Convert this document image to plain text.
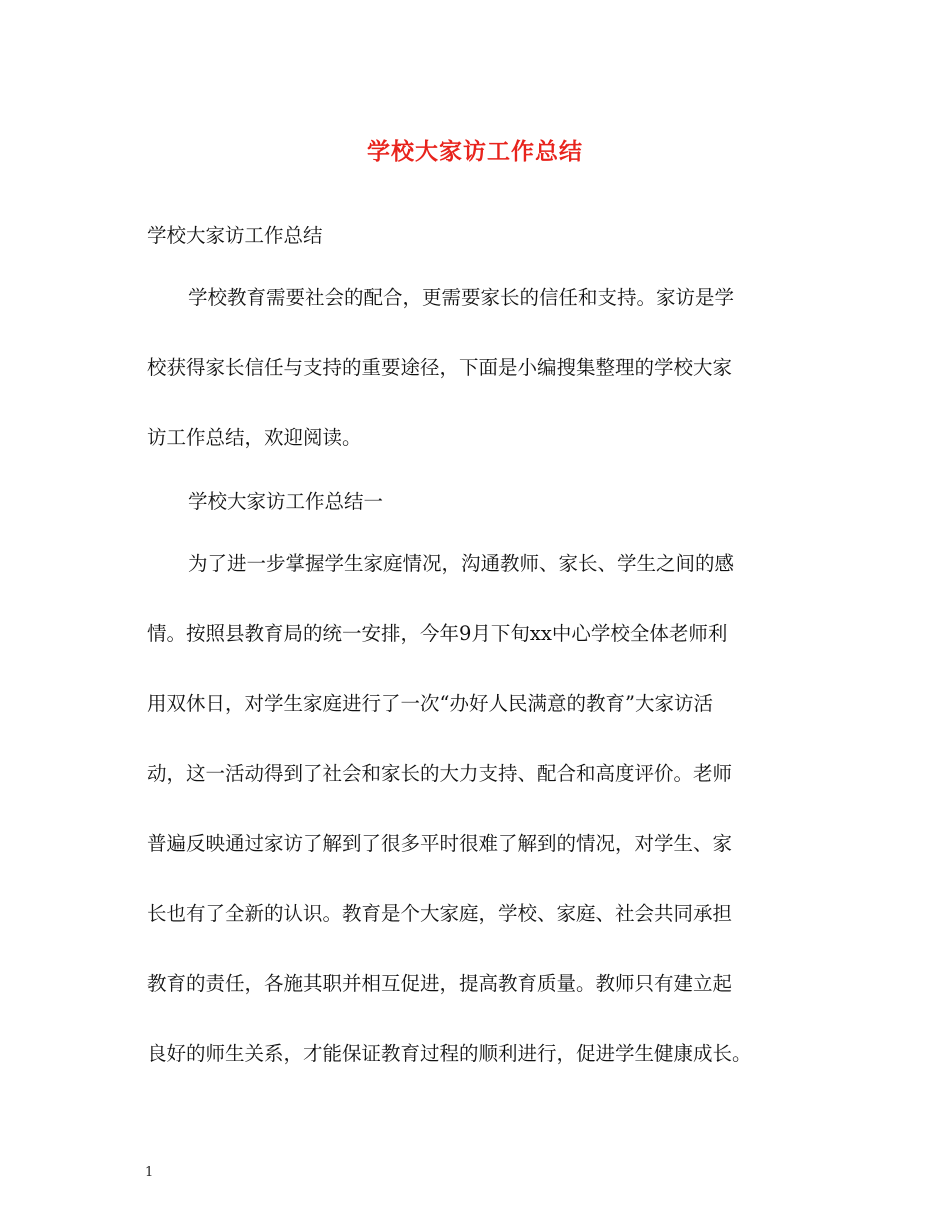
学校大家访工作总结

学校大家访工作总结

学校教育需要社会的配合，更需要家长的信任和支持。家访是学

校获得家长信任与支持的重要途径，下面是小编搜集整理的学校大家

访工作总结，欢迎阅读。

学校大家访工作总结一

为了进一步掌握学生家庭情况，沟通教师、家长、学生之间的感

情。按照县教育局的统一安排，今年9月下旬xx中心学校全体老师利

用双休日，对学生家庭进行了一次“办好人民满意的教育”大家访活

动，这一活动得到了社会和家长的大力支持、配合和高度评价。老师

普遍反映通过家访了解到了很多平时很难了解到的情况，对学生、家

长也有了全新的认识。教育是个大家庭，学校、家庭、社会共同承担

教育的责任，各施其职并相互促进，提高教育质量。教师只有建立起

良好的师生关系，才能保证教育过程的顺利进行，促进学生健康成长。

1
